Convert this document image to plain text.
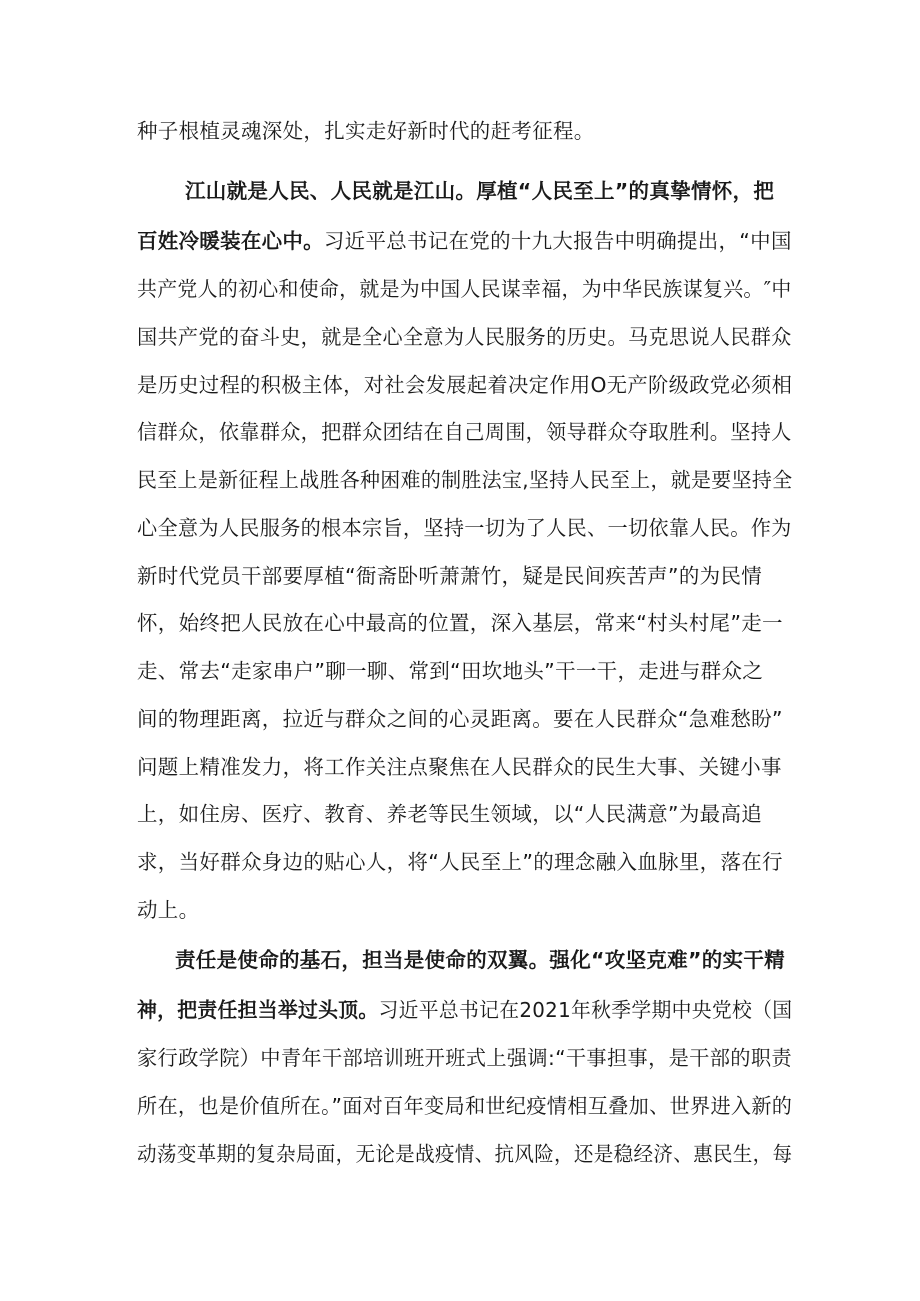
种子根植灵魂深处，扎实走好新时代的赶考征程。
江山就是人民、人民就是江山。厚植“人民至上”的真挚情怀，把
百姓冷暖装在心中。习近平总书记在党的十九大报告中明确提出，“中国
共产党人的初心和使命，就是为中国人民谋幸福，为中华民族谋复兴。″中
国共产党的奋斗史，就是全心全意为人民服务的历史。马克思说人民群众
是历史过程的积极主体，对社会发展起着决定作用O无产阶级政党必须相
信群众，依靠群众，把群众团结在自己周围，领导群众夺取胜利。坚持人
民至上是新征程上战胜各种困难的制胜法宝,坚持人民至上，就是要坚持全
心全意为人民服务的根本宗旨，坚持一切为了人民、一切依靠人民。作为
新时代党员干部要厚植“衙斋卧听萧萧竹，疑是民间疾苦声”的为民情
怀，始终把人民放在心中最高的位置，深入基层，常来“村头村尾”走一
走、常去“走家串户”聊一聊、常到“田坎地头”干一干，走进与群众之
间的物理距离，拉近与群众之间的心灵距离。要在人民群众“急难愁盼”
问题上精准发力，将工作关注点聚焦在人民群众的民生大事、关键小事
上，如住房、医疗、教育、养老等民生领域，以“人民满意”为最高追
求，当好群众身边的贴心人，将“人民至上”的理念融入血脉里，落在行
动上。
责任是使命的基石，担当是使命的双翼。强化“攻坚克难”的实干精
神，把责任担当举过头顶。习近平总书记在2021年秋季学期中央党校（国
家行政学院）中青年干部培训班开班式上强调:“干事担事，是干部的职责
所在，也是价值所在。”面对百年变局和世纪疫情相互叠加、世界进入新的
动荡变革期的复杂局面，无论是战疫情、抗风险，还是稳经济、惠民生，每
